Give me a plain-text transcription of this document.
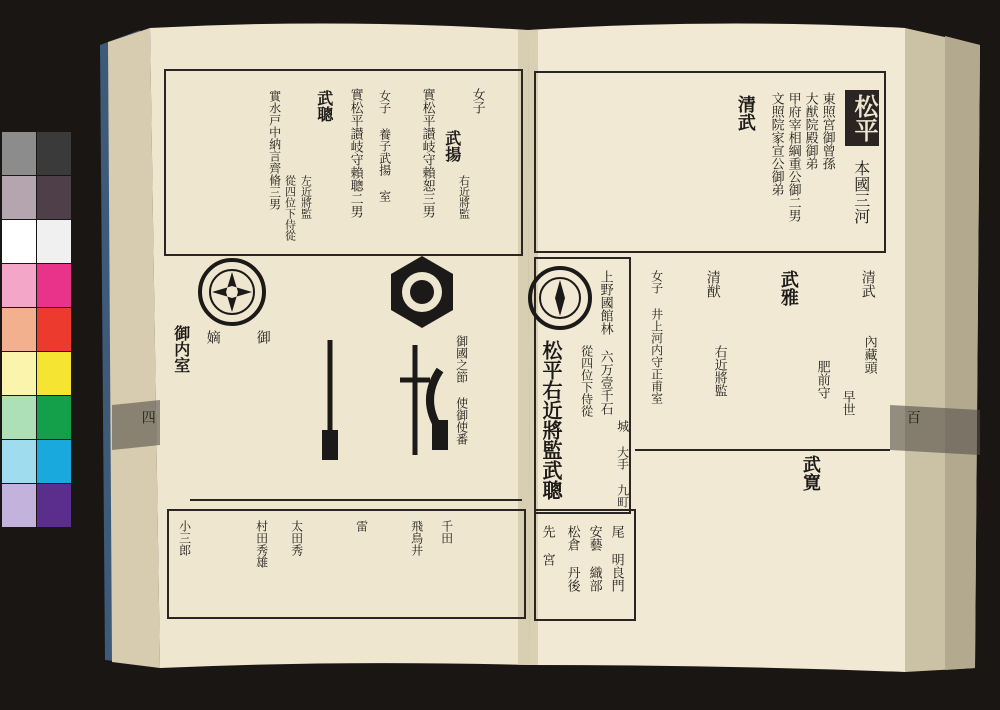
松平
本國三河
東照宮御曾孫
大猷院殿御弟
甲府宰相綱重公御二男
文照院家宣公御弟
清武
武雅
武寛
清武
女子 井上河内守正甫室	清猷
右近將監
早世
內藏頭
肥前守
松平右近將監武聰	上野國館林 六万壹千石
城 大手 九町
從四位下侍從
先 宮 松倉 丹後 安藝 織部 尾 明良門
武聰 實松平讃岐守賴聰二男	武揚
女子
實松平讃岐守賴恕三男
左近將監
從四位下侍從	右近將監
實水戸中納言齊脩三男	女子 養子武揚 室
御國之節 使御使番
御内室 嫡 御
小三郎	村田秀雄 太田秀	飛鳥井 千田
雷
四	百
